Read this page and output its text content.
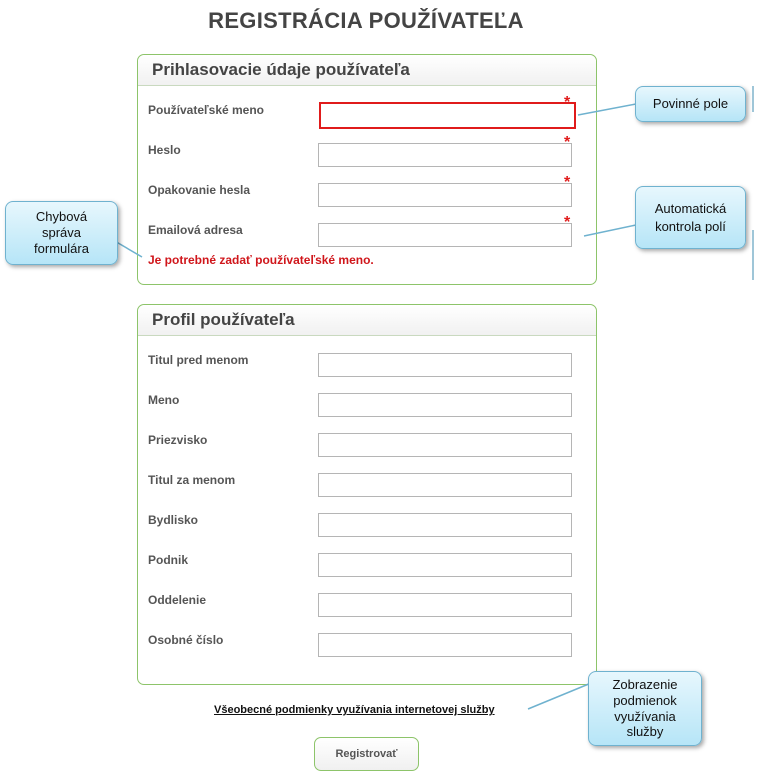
REGISTRÁCIA POUŽÍVATEĽA
Prihlasovacie údaje používateľa
Používateľské meno	*
Heslo	*
Opakovanie hesla	*
Emailová adresa	*
Je potrebné zadať používateľské meno.
Profil používateľa
Titul pred menom
Meno
Priezvisko
Titul za menom
Bydlisko
Podnik
Oddelenie
Osobné číslo
Všeobecné podmienky využívania internetovej služby
Registrovať
Povinné pole
Automatická
kontrola polí
Chybová
správa
formulára
Zobrazenie
podmienok
využívania
služby
